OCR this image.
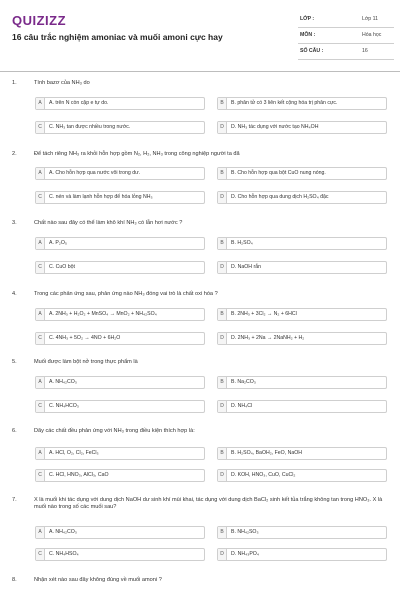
QUIZIZZ
16 câu trắc nghiệm amoniac và muối amoni cực hay
LỚP :	Lớp 11
MÔN :	Hóa học
SỐ CÂU :	16
1.	Tính bazơ của NH₃ do
A	A. trên N còn cặp e tự do.	B	B. phân tử có 3 liên kết cộng hóa trị phân cực.
C	C. NH₃ tan được nhiều trong nước.	D	D. NH₃ tác dụng với nước tạo NH₄OH
2.	Để tách riêng NH₃ ra khỏi hỗn hợp gồm N₂, H₂, NH₃ trong công nghiệp người ta đã
A	A. Cho hỗn hợp qua nước vôi trong dư.	B	B. Cho hỗn hợp qua bột CuO nung nóng.
C	C. nén và làm lạnh hỗn hợp để hóa lỏng NH₃	D	D. Cho hỗn hợp qua dung dịch H₂SO₄ đặc
3.	Chất nào sau đây có thể làm khô khí NH₃ có lẫn hơi nước ?
A	A. P₂O₅	B	B. H₂SO₄
C	C. CuO bột	D	D. NaOH rắn
4.	Trong các phản ứng sau, phản ứng nào NH₃ đóng vai trò là chất oxi hóa ?
A	A. 2NH₃ + H₂O₂ + MnSO₄ → MnO₂ + NH₄₂SO₄	B	B. 2NH₃ + 3Cl₂ → N₂ + 6HCl
C	C. 4NH₃ + 5O₂ → 4NO + 6H₂O	D	D. 2NH₃ + 2Na → 2NaNH₂ + H₂
5.	Muối được làm bột nở trong thực phẩm là
A	A. NH₄₂CO₃	B	B. Na₂CO₃
C	C. NH₄HCO₃	D	D. NH₄Cl
6.	Dãy các chất đều phản ứng với NH₃ trong điều kiện thích hợp là:
A	A. HCl, O₂, Cl₂, FeCl₃	B	B. H₂SO₄, BaOH₂, FeO, NaOH
C	C. HCl, HNO₃, AlCl₃, CaO	D	D. KOH, HNO₃, CuO, CuCl₂
7.	X là muối khi tác dụng với dung dịch NaOH dư sinh khí mùi khai, tác dụng với dung dịch BaCl₂ sinh kết tủa trắng không tan trong HNO₃. X là muối nào trong số các muối sau?
A	A. NH₄₂CO₃	B	B. NH₄₂SO₃
C	C. NH₄HSO₄	D	D. NH₄₃PO₄
8.	Nhận xét nào sau đây không đúng về muối amoni ?
